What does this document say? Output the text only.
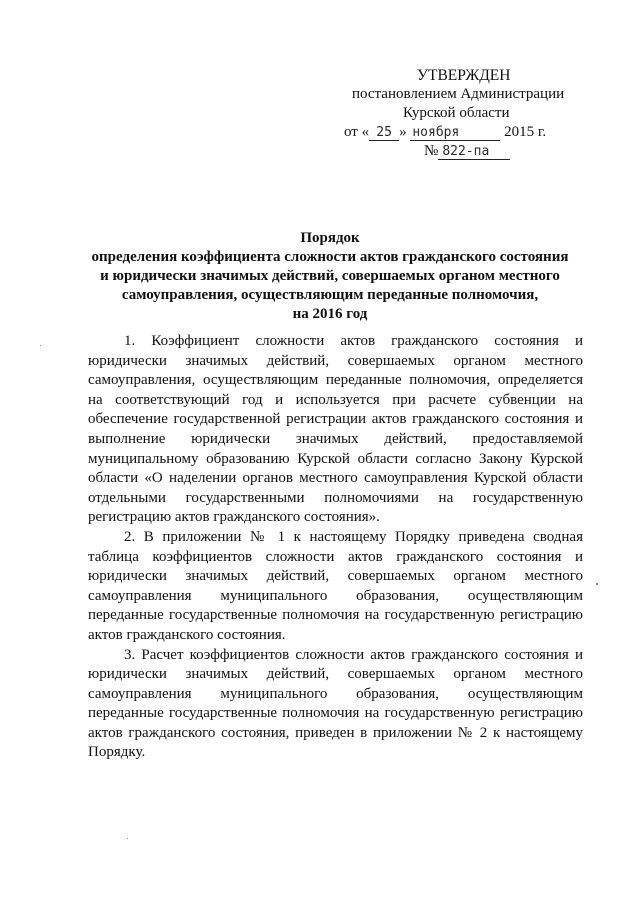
УТВЕРЖДЕН
постановлением Администрации
Курской области
от « 25 » ноября	2015 г.
№ 822-па
Порядок
определения коэффициента сложности актов гражданского состояния
и юридически значимых действий, совершаемых органом местного
самоуправления, осуществляющим переданные полномочия,
на 2016 год

1. Коэффициент сложности актов гражданского состояния и юридически значимых действий, совершаемых органом местного самоуправления, осуществляющим переданные полномочия, определяется на соответствующий год и используется при расчете субвенции на обеспечение государственной регистрации актов гражданского состояния и выполнение юридически значимых действий, предоставляемой муниципальному образованию Курской области согласно Закону Курской области «О наделении органов местного самоуправления Курской области отдельными государственными полномочиями на государственную регистрацию актов гражданского состояния».

2. В приложении № 1 к настоящему Порядку приведена сводная таблица коэффициентов сложности актов гражданского состояния и юридически значимых действий, совершаемых органом местного самоуправления муниципального образования, осуществляющим переданные государственные полномочия на государственную регистрацию актов гражданского состояния.

3. Расчет коэффициентов сложности актов гражданского состояния и юридически значимых действий, совершаемых органом местного самоуправления муниципального образования, осуществляющим переданные государственные полномочия на государственную регистрацию актов гражданского состояния, приведен в приложении № 2 к настоящему Порядку.
